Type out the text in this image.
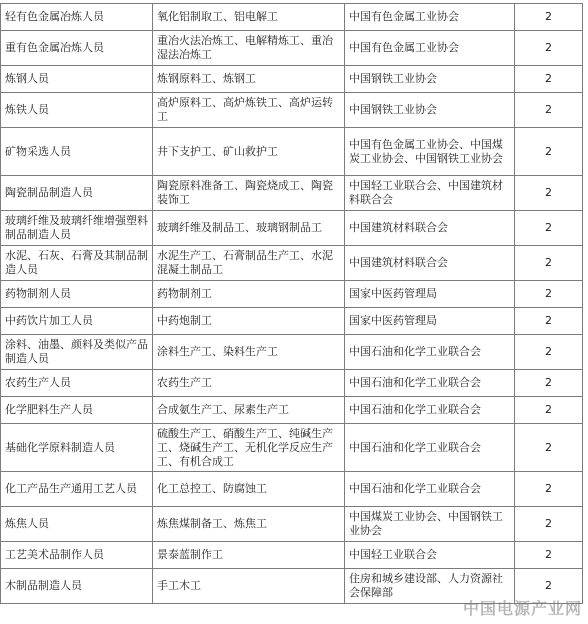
轻有色金属冶炼人员	氧化铝制取工、铝电解工	中国有色金属工业协会	2
重有色金属冶炼人员	重冶火法冶炼工、电解精炼工、重冶湿法冶炼工	中国有色金属工业协会	2
炼钢人员	炼钢原料工、炼钢工	中国钢铁工业协会	2
炼铁人员	高炉原料工、高炉炼铁工、高炉运转工	中国钢铁工业协会	2
矿物采选人员	井下支护工、矿山救护工	中国有色金属工业协会、中国煤炭工业协会、中国钢铁工业协会	2
陶瓷制品制造人员	陶瓷原料准备工、陶瓷烧成工、陶瓷装饰工	中国轻工业联合会、中国建筑材料联合会	2
玻璃纤维及玻璃纤维增强塑料制品制造人员	玻璃纤维及制品工、玻璃钢制品工	中国建筑材料联合会	2
水泥、石灰、石膏及其制品制造人员	水泥生产工、石膏制品生产工、水泥混凝土制品工	中国建筑材料联合会	2
药物制剂人员	药物制剂工	国家中医药管理局	2
中药饮片加工人员	中药炮制工	国家中医药管理局	2
涂料、油墨、颜料及类似产品制造人员	涂料生产工、染料生产工	中国石油和化学工业联合会	2
农药生产人员	农药生产工	中国石油和化学工业联合会	2
化学肥料生产人员	合成氨生产工、尿素生产工	中国石油和化学工业联合会	2
基础化学原料制造人员	硫酸生产工、硝酸生产工、纯碱生产工、烧碱生产工、无机化学反应生产工、有机合成工	中国石油和化学工业联合会	2
化工产品生产通用工艺人员	化工总控工、防腐蚀工	中国石油和化学工业联合会	2
炼焦人员	炼焦煤制备工、炼焦工	中国煤炭工业协会、中国钢铁工业协会	2
工艺美术品制作人员	景泰蓝制作工	中国轻工业联合会	2
木制品制造人员	手工木工	住房和城乡建设部、人力资源社会保障部	2
中国电源产业网
